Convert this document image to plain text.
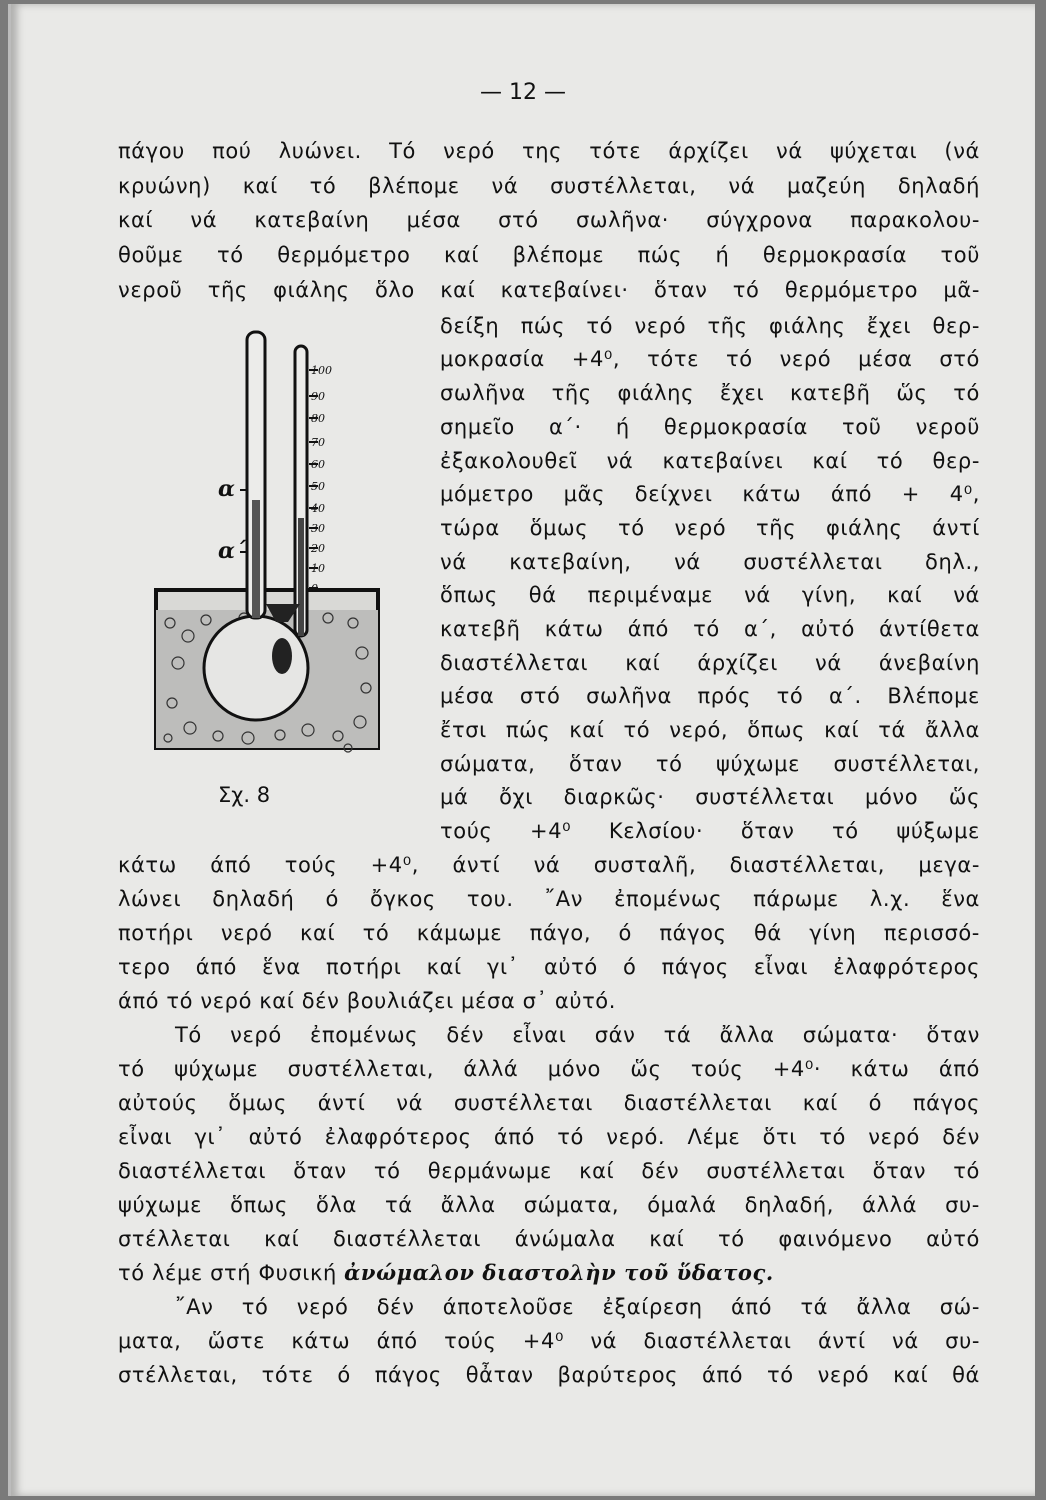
— 12 —
πάγου πού λυώνει. Τό νερό της τότε άρχίζει νά ψύχεται (νά
κρυώνη) καί τό βλέπομε νά συστέλλεται, νά μαζεύη δηλαδή
καί νά κατεβαίνη μέσα στό σωλῆνα· σύγχρονα παρακολου-
θοῦμε τό θερμόμετρο καί βλέπομε πώς ή θερμοκρασία τοῦ
νεροῦ τῆς φιάλης ὅλο καί κατεβαίνει· ὅταν τό θερμόμετρο μᾶ-
δείξη πώς τό νερό τῆς φιάλης ἔχει θερ-
μοκρασία +4⁰, τότε τό νερό μέσα στό
σωλῆνα τῆς φιάλης ἔχει κατεβῆ ὥς τό
σημεῖο α΄· ή θερμοκρασία τοῦ νεροῦ
ἐξακολουθεῖ νά κατεβαίνει καί τό θερ-
μόμετρο μᾶς δείχνει κάτω άπό + 4⁰,
τώρα ὅμως τό νερό τῆς φιάλης άντί
νά κατεβαίνη, νά συστέλλεται δηλ.,
ὅπως θά περιμέναμε νά γίνη, καί νά
κατεβῆ κάτω άπό τό α΄, αὐτό άντίθετα
διαστέλλεται καί άρχίζει νά άνεβαίνη
μέσα στό σωλῆνα πρός τό α΄. Βλέπομε
ἔτσι πώς καί τό νερό, ὅπως καί τά ἄλλα
σώματα, ὅταν τό ψύχωμε συστέλλεται,
μά ὄχι διαρκῶς· συστέλλεται μόνο ὥς
τούς +4⁰ Κελσίου· ὅταν τό ψύξωμε
100
90
80
70
60
50
40
30
20
10
0
α
α΄
Σχ. 8
κάτω άπό τούς +4⁰, άντί νά συσταλῆ, διαστέλλεται, μεγα-
λώνει δηλαδή ό ὄγκος του. ῎Αν ἐπομένως πάρωμε λ.χ. ἕνα
ποτήρι νερό καί τό κάμωμε πάγο, ό πάγος θά γίνη περισσό-
τερο άπό ἕνα ποτήρι καί γι᾽ αὐτό ό πάγος εἶναι ἐλαφρότερος
άπό τό νερό καί δέν βουλιάζει μέσα σ᾽ αὐτό.
Τό νερό ἐπομένως δέν εἶναι σάν τά ἄλλα σώματα· ὅταν
τό ψύχωμε συστέλλεται, άλλά μόνο ὥς τούς +4⁰· κάτω άπό
αὐτούς ὅμως άντί νά συστέλλεται διαστέλλεται καί ό πάγος
εἶναι γι᾽ αὐτό ἐλαφρότερος άπό τό νερό. Λέμε ὅτι τό νερό δέν
διαστέλλεται ὅταν τό θερμάνωμε καί δέν συστέλλεται ὅταν τό
ψύχωμε ὅπως ὅλα τά ἄλλα σώματα, όμαλά δηλαδή, άλλά συ-
στέλλεται καί διαστέλλεται άνώμαλα καί τό φαινόμενο αὐτό
τό λέμε στή Φυσική ἀνώμαλον διαστολὴν τοῦ ὕδατος.
῎Αν τό νερό δέν άποτελοῦσε ἐξαίρεση άπό τά ἄλλα σώ-
ματα, ὥστε κάτω άπό τούς +4⁰ νά διαστέλλεται άντί νά συ-
στέλλεται, τότε ό πάγος θἆταν βαρύτερος άπό τό νερό καί θά
